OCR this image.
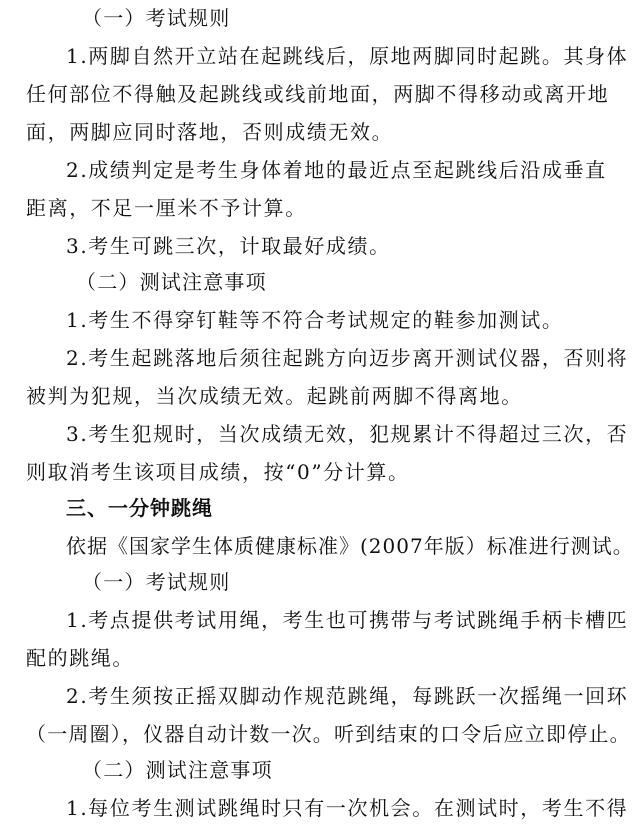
（一）考试规则
1.两脚自然开立站在起跳线后，原地两脚同时起跳。其身体
任何部位不得触及起跳线或线前地面，两脚不得移动或离开地
面，两脚应同时落地，否则成绩无效。
2.成绩判定是考生身体着地的最近点至起跳线后沿成垂直
距离，不足一厘米不予计算。
3.考生可跳三次，计取最好成绩。
（二）测试注意事项
1.考生不得穿钉鞋等不符合考试规定的鞋参加测试。
2.考生起跳落地后须往起跳方向迈步离开测试仪器，否则将
被判为犯规，当次成绩无效。起跳前两脚不得离地。
3.考生犯规时，当次成绩无效，犯规累计不得超过三次，否
则取消考生该项目成绩，按“0”分计算。
三、一分钟跳绳
依据《国家学生体质健康标准》(2007年版）标准进行测试。
（一）考试规则
1.考点提供考试用绳，考生也可携带与考试跳绳手柄卡槽匹
配的跳绳。
2.考生须按正摇双脚动作规范跳绳，每跳跃一次摇绳一回环
（一周圈），仪器自动计数一次。听到结束的口令后应立即停止。
（二）测试注意事项
1.每位考生测试跳绳时只有一次机会。在测试时，考生不得
